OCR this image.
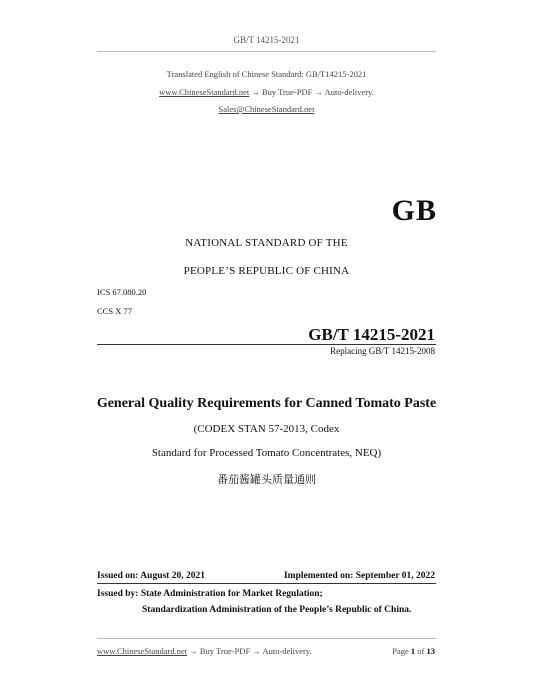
GB/T 14215-2021
Translated English of Chinese Standard: GB/T14215-2021
www.ChineseStandard.net → Buy True-PDF → Auto-delivery.
Sales@ChineseStandard.net
GB
NATIONAL STANDARD OF THE
PEOPLE’S REPUBLIC OF CHINA
ICS 67.080.20
CCS X 77
GB/T 14215-2021
Replacing GB/T 14215-2008
General Quality Requirements for Canned Tomato Paste
(CODEX STAN 57-2013, Codex
Standard for Processed Tomato Concentrates, NEQ)
番茄酱罐头质量通则
Issued on: August 20, 2021	Implemented on: September 01, 2022
Issued by: State Administration for Market Regulation;
Standardization Administration of the People’s Republic of China.
www.ChineseStandard.net → Buy True-PDF → Auto-delivery.	Page 1 of 13
